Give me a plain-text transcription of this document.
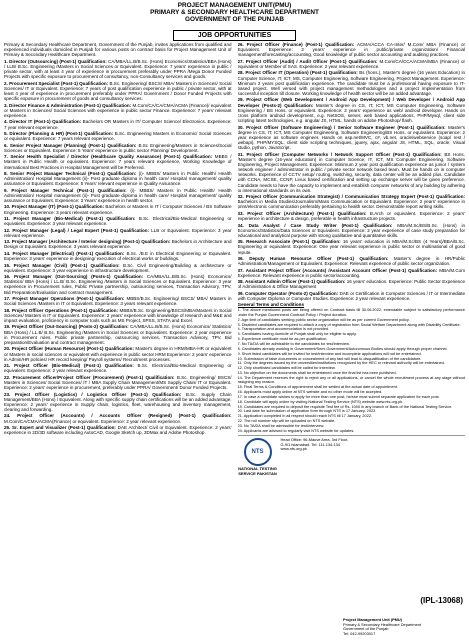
PROJECT MANAGEMENT UNIT(PMU)
PRIMARY & SECONDARY HEALTHCARE DEPARTMENT
GOVERNMENT OF THE PUNJAB
JOB OPPORTUNITIES

Primary & Secondary Healthcare Department, Government of the Punjab, invites applications from qualified and experienced individuals domiciled in Punjab for various posts on contract basis for Project Management Unit of Primary & Secondary Healthcare Department.

1. Director (Outsourcing) (Post-1) Qualification: CA/MBA/LL.B/B.Sc. (Hons) Economics/Statistics/BBA (Hons) / LLB/ B.Sc. Engineering /Masters in Social Sciences or Equivalent. Experience: 7 years' experience in public / private sector, with at least 4 year of experience in procurement preferably under PPRA /Mega Donor Funded Projects with specific exposure to procurement of consultancy, non-Consultancy services and goods.

2. Procurement Specialist (Post-1) Qualification: B.Sc. Engineering/ BSCS/ MBA/ Masters in Sciences/ Social Sciences/ IT or Equivalent. Experience: 7 years of post qualification experience in public / private sector, with at least 4 year of experience in procurement preferably under PPRA/ Government / Donor Funded Projects with specific exposure in procurement of goods and consultancy services.

3. Director Finance & Administration (Post-1) Qualification: M.Com/CA/CA/CMA/ACMA (Finance)/ equivalent or Masters in Sciences/ Social Sciences with experience in public sector Finance. Experience: 7 years' relevant experience.

4. Director IT (Post-1) Qualification: Bachelors OR Masters in IT/ Computer Science/ Electronics. Experience: 7 year relevant experience.

5. Director (Planning & HR) (Post-1) Qualification: B.Sc. Engineering Masters in Economic/ Social Sciences or equivalent. Experience: 7 years relevant experience.

6. Senior Project Manager (Planning) (Post-1) Qualification: B.Sc Engineering/Masters in Sciences/Social Sciences or Equivalent. Experience: 5 Years' experience in public sector Planning/ Development.

7. Senior Health Specialist / Director (Healthcare Quality Assurance) (Post-1) Qualification: MBBS / Masters in Public Health or equivalent. Experience: 7 years relevant experience, Working Knowledge of international Best Practices in Hospital Management will be Preferred.

8. Senior Project Manager Technical (Post-1) Qualification: (i)- MBBS/ Masters in Public Health/ Health Administration/ Hospital Management (ii)- Post graduate diploma in health care/ Hospital management/ quality assurance or Equivalent. Experience: 5 Years' relevant experience in Quality Assurance.

9. Project Manager Technical (Post-1) Qualification: (i)- MBBS/ Masters in Public Health/ Health Administration/ Hospital management (ii)- Post graduate diploma in health care/ Hospital management/ quality assurance or Equivalent. Experience: 3 Years' experience in health sector.

10. Project Manager (IT) (Post-1) Qualification: Bachelors or Masters in IT / Computer Sciences / BS Software Engineering. Experience: 3 years relevant experience.

11. Project Manager (Bio-Medical) (Post-1) Qualification: B.Sc. Electrical/Bio-Medical Engineering or equivalent. Experience: 3 year relevant experience.

12. Project Manager (Legal) / Legal Expert (Post-1) Qualification: LLB or Equivalent. Experience: 3 year relevant experience.

13. Project Manager (Architecture / Interior designing) (Post-1) Qualification: Bachelors in Architecture and Design or Equivalent. Experience: 3 years relevant experience.

14. Project Manager (Electrical) (Post-1) Qualification: B.Sc. /B.E in Electrical Engineering or Equivalent. Experience: 3 years' experience in designing/ execution of electrical works or buildings.

15. Project Manager (Civil) (Post-1) Qualification: B.Sc. Civil Engineering/Building & architecture or equivalent. Experience: 3 year experience in infrastructure development.

16. Project Manager (Out-Sourcing) (Posts-1) Qualification: CA/MBA/LL.B/B.Sc. (Hons) Economics/ Statistics/ BBA (Hons) / LL.B/ B.Sc. Engineering /Masters in Social Sciences or Equivalent. Experience: 3 year experience in Procurement rules, Public Private partnership, outsourcing services, Transaction Advisory, TPV, Bid Preparation/Evaluation and contract management.

17. Project Manager Operations (Post-1) Qualification: MBBS/B.Sc. Engineering/ BSCS/ MBA/ Masters in Social Sciences /Masters in IT or Equivalent. Experience: 3 years relevant experience.

18. Project Officer Operations (Post-1) Qualification: MBBS/B.Sc. Engineering/BSCS/MBA/Masters in Social Sciences/ Masters in IT or Equivalent. Experience: 2 years' experience with knowledge of research and M&E and impact evaluation, proficiency in computer tools such as MS Project, SPSS, STATA and Excel.

19. Project Officer (Out-Sourcing) (Posts-2) Qualification: CA/MBA/LL.B/B.Sc. (Hons) Economics/ Statistics/ BBA (Hons) / LL.B/ B.Sc. Engineering /Masters in Social Sciences or Equivalent. Experience: 2 year experience in Procurement rules, Public private partnership, outsourcing services, Transaction Advisory, TPV, Bid preparation/Evaluation and contract management.

20. Project Officer (Human Resource) (Post-1) Qualification: Master's degree in HRM/MBA-HR or equivalent or Masters in social sciences or equivalent with experience in public sector HRM Experience: 2 years' experience in Admin/HR policies/ HR record keeping/ Payroll systems/ Recruitment processes.

21. Project Officer (Bio-Medical) (Post-1) Qualification: B.Sc. Electrical/Bio-Medical Engineering or equivalent. Experience: 2 year relevant experience.

22. Procurement officer/Project Officer (Procurement) (Post-1) Qualification: B.Sc. Engineering/ BSCS/ Masters in Sciences/ Social Sciences/ IT / MBA Supply Chain Management/MS Supply Chain/ IT or Equivalent. Experience: 2 years' experience in procurement, preferably under PPRA/ Government/ Donor Funded Projects.

23. Project Officer (Logistics) / Logistics Officer (Post-1) Qualification: B.Sc. Supply Chain Management/BBA (Hons) / Equivalent. Along with specific supply chain certifications will be an added advantage. Experience: 2 years' experience in Supply chain, logistics, fleet, warehousing and inventory management, clearing and forwarding.

24. Project Officer (Accounts) / Accounts Officer (Resigned) (Post-1) Qualification: M.Com/CA/CMA/ACMA(Finance) or equivalent. Experience: 2 year relevant experience.

25. Sr. Expert and Visualizer (Post-1) Qualification: DAE Architect/ Civil or Equivalent. Experience: 2 years' experience in 2D/3D software including AutoCAD, Google Sketch up, 3DMax and Adobe Photoshop.

26. Project Officer (Finance) (Post-1) Qualification: ACMA/ACCA CA-Inter/ M.Com/ MBA (Finance) or Equivalent. Experience: 2 years' experience in public/private organization/ Financial management/forecasting/accounting, Good knowledge of public sector accounting and auditing practices.

27. Project Officer (Audit) / Audit Officer (Post-1) Qualification: M.Com/CA/CCA/ACMA/MBA (Finance) or equivalent or Member of SAS. Experience: 2 year relevant experience.

28. Project Officer IT (Operation) (Post-1) Qualification: Bs (hons.), Master's degree (16 years Education) in Computer Science, IT, ICT, MS, Computer Engineering, Software Engineering, Project Management. Experience: Minimum 2 years post qualification experience. The candidate must be a professional having exposure to IT-based project. Well versed with project management methodologies and a project implementation from successful inception till closure. Working knowledge of health sector will be an added advantage.

29. Project Officer (Web Development / Android App Development) / Web Developer / Android App Developer (Posts-2) Qualification: Master's degree in CS, IT, ICT, MS Computer Engineering, Software Engineering / BS Hons. or equivalent. Experience: 2 years' experience as web/ android developer. Hands on cross platform android development, e.g. NetSOS, server, web based applications, PHP/Mysql, client side scripting latest technologies, e.g. angular JS, HTML, hands on adobe Photoshop/ flash.

30. Project Officer (Software Engineering) / Senior Software Engineer (Post-1) Qualification: Master's degree in CS, IT, ICT, MS Computer Engineering, Software Engineering/BS Hons. or equivalent. Experience: 2 year experience as software engineer. Hands on asp.net/MVC, c#, vb.net, oracle/webservice (soap/ rest / webapi), PHP/MYSQL, client side scripting techniques, jquery, ajax, angular JS, HTML, SQL, oracle, Visual studio, python, JavaScript.

31. Project Officer (Computer Networks / Network Support Officer (Post-1) Qualification: BS Hons. /Master's degree (16-year education) in Computer Science, IT, ICT, MS Computer Engineering, Software Engineering, Project Management. Experience: Minimum 2 year post qualification experience as junior / system network engineer / administrator in public / private sector network based team. Must be hands on in computer networks. Experience of CCTV setup/ routing, switching, security, data center will be an added plus. Candidate with CCNA, MCSE, CCNP, Linux based certification and setting up exchange server will be given preference. Candidate needs to have the capacity to implement and establish computer networks of any building by adhering to international standards on its own.

32. Project Officer (Communication Strategist) / Communication Strategy Expert (Post-1) Qualification: Bachelors in Media Studies/Journalism/Mass Communication or Equivalent. Experience: 2 years' experience in print/electronic communication preferably pertaining to health sector. Demonstrable report writing skills.

33. Project Officer (Architecture) (Post-1) Qualification: B.Arch or equivalent. Experience: 2 years' experience in architecture & design, preferable in health infrastructure projects.

34. Data Analyst / Case Study Writer (Post-1) Qualification: MBA/M.Sc/BS/B.Sc. (Hons) in Economics/Statistics/Data Sciences or Equivalent. Experience: 2 year experience of case study preparation for educational and analytical purpose with strong qualitative and quantitative skills.

35. Research Associate (Post-1) Qualification: 16 years' education in MBA/M.Sc/BS (4 Years)/BBA/B.Sc. Engineering or equivalent. Experience: One year relevant experience in public sector or multinational of good repute.

36. Deputy Human Resource Officer (Post-1) Qualification: Master's degree in HR/Public Administration/Management or Equivalent. Experience: Relevant experience of public sector organization.

37. Assistant Project Officer (Accounts) /Assistant Account Officer (Post-1) Qualification: MBA/M.Com Experience: Relevant experience in public sector/accounting.

38. Assistant Admin Officer (Post-1) Qualification: 16 years' education. Experience: Public Sector Experience of Administration & Office Management

39. Computer Operator (Posts-2) Qualification: DAE or Certification in Computer Sciences / IT or Intermediate with Computer Diploma or Computer Studies. Experience: 2 year relevant experience.

General Terms and Conditions

1. The above mentioned posts are being offered on Contract basis till 30.06.2022, extendable subject to satisfactory performance under the Punjab Government Contract Policy / Project duration.

2. Age limit of candidates seeking public sector organization will be as per current Government policy.

3. Disabled candidates are required to attach a copy of registration from Social Welfare Department along with Disability Certificate.

4. Transportation and accommodation is not provided.

5. Candidates having domicile of Punjab shall only be eligible to apply.

6. Experience certificate must be as per qualification.

7. No TA/DA will be admissible to the candidates for test/interview.

8. Candidates already working in Government/Semi Government/Autonomous Bodies should apply through proper channel.

9. Short listed candidates will be invited for test/interview and incomplete applications will not be entertained.

10. Submission of false documents or concealment of any fact will lead to disqualification of the candidature.

11. Only the degrees issued by the universities/institutions recognized by the HEC or relevant authority will be entertained.

12. Only shortlisted candidates will be called for interview.

13. No objection on the documents shall be entertained once the final list has been published.

14. The Department reserves the right to reject any or all applications, or cancel the whole recruitment process at any stage without assigning any reason.

15. Final Terms & Conditions of appointment shall be settled at the actual date of appointment.

16. Applicants must apply online at NTS website and no other mode will be accepted.

17. In case a candidate wishes to apply for more than one post, he/she must submit separate application for each post.

18. Candidate will apply online by visiting National Testing Service (NTS) website www.nts.org.pk.

19. Candidates are required to deposit the requisite Test fee of Rs. 1000 in any branch of Bank of the National Testing Service.

20. Last date for submission of application form through NTS is 17 January, 2022.

21. Application completed in all respect should reach NTS till 17 January, 2022.

22. The roll number slip will be uploaded on NTS website.

23. No TA/DA shall be admissible for test/interview.

24. Applicants are advised to regularly visit NTS website for updates.

NTS
NATIONAL TESTING SERVICE PAKISTAN
Head Office: 96-Mauve Area, 3rd Floor,
G-9/1 Islamabad. Tel: 111-134-134
www.nts.org.pk
(IPL-13068)
Project Management Unit (PMU)
Primary & Secondary Healthcare Department
Government of the Punjab
Tel: 042-99203017
